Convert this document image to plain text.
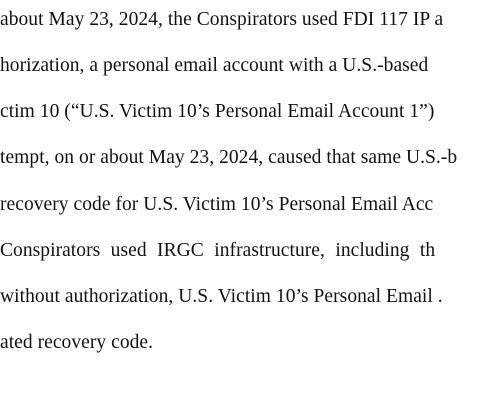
about May 23, 2024, the Conspirators used FDI 117 IP a
horization, a personal email account with a U.S.-based
ctim 10 (“U.S. Victim 10’s Personal Email Account 1”)
tempt, on or about May 23, 2024, caused that same U.S.-b
recovery code for U.S. Victim 10’s Personal Email Acc
Conspirators used IRGC infrastructure, including th
without authorization, U.S. Victim 10’s Personal Email .
ated recovery code.
